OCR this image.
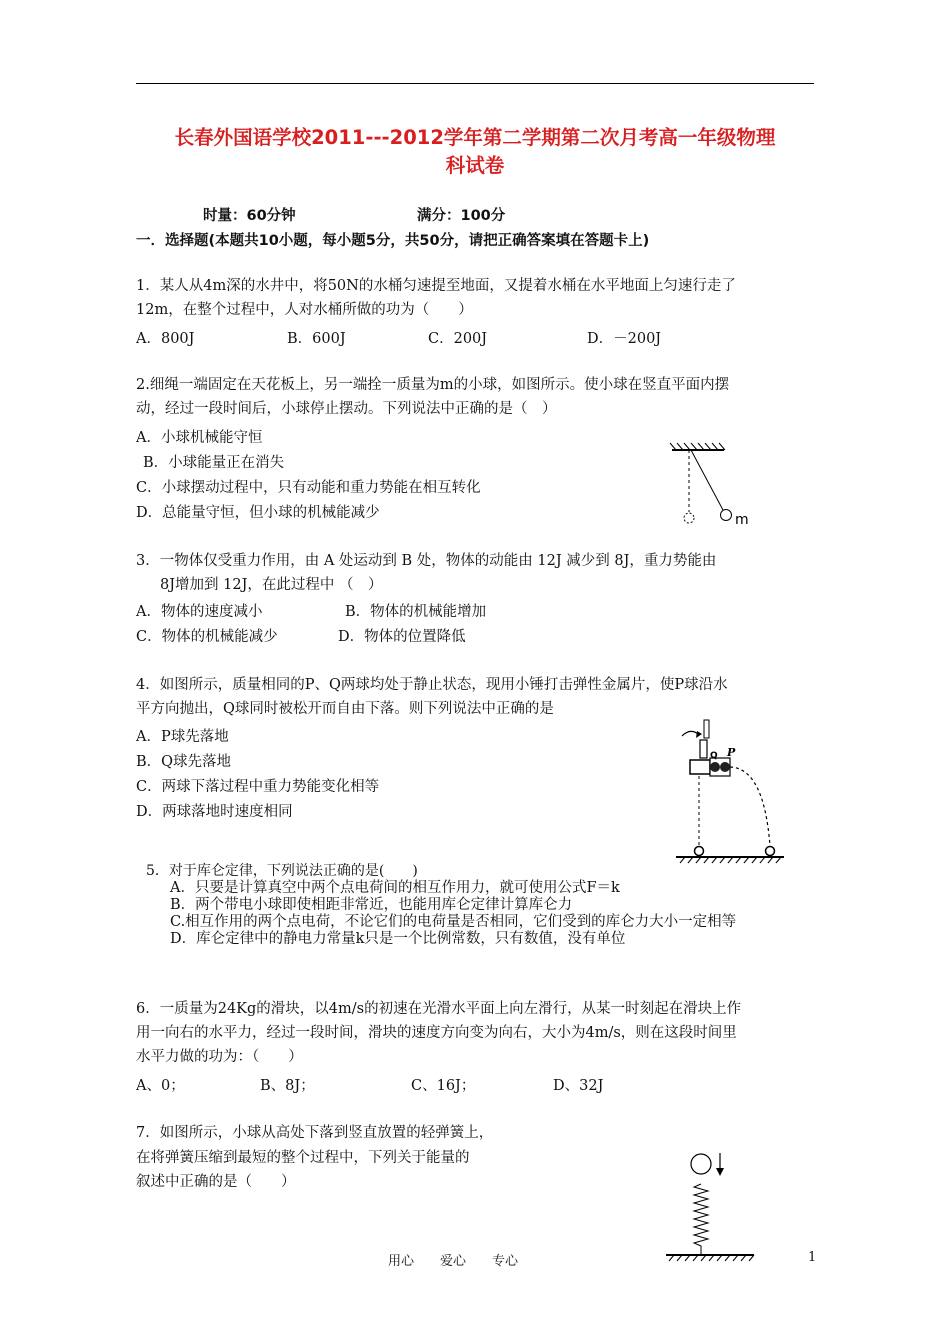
长春外国语学校2011---2012学年第二学期第二次月考高一年级物理
科试卷
时量：60分钟	满分：100分
一．选择题(本题共10小题，每小题5分，共50分，请把正确答案填在答题卡上)
1．某人从4m深的水井中，将50N的水桶匀速提至地面，又提着水桶在水平地面上匀速行走了
12m，在整个过程中，人对水桶所做的功为（　　）
A．800J	B．600J	C．200J	D．－200J
2.细绳一端固定在天花板上，另一端拴一质量为m的小球，如图所示。使小球在竖直平面内摆
动，经过一段时间后，小球停止摆动。下列说法中正确的是（　）
A．小球机械能守恒
B．小球能量正在消失
C．小球摆动过程中，只有动能和重力势能在相互转化
D．总能量守恒，但小球的机械能减少	m
3．一物体仅受重力作用，由 A 处运动到 B 处，物体的动能由 12J 减少到 8J，重力势能由
8J增加到 12J，在此过程中 （　）
A．物体的速度减小	B．物体的机械能增加
C．物体的机械能减少	D．物体的位置降低
4．如图所示，质量相同的P、Q两球均处于静止状态，现用小锤打击弹性金属片，使P球沿水
平方向抛出，Q球同时被松开而自由下落。则下列说法中正确的是
A．P球先落地
B．Q球先落地
C．两球下落过程中重力势能变化相等
D．两球落地时速度相同
Q P
5．对于库仑定律，下列说法正确的是(　　)
A．只要是计算真空中两个点电荷间的相互作用力，就可使用公式F＝k
B．两个带电小球即使相距非常近，也能用库仑定律计算库仑力
C.相互作用的两个点电荷，不论它们的电荷量是否相同，它们受到的库仑力大小一定相等
D．库仑定律中的静电力常量k只是一个比例常数，只有数值，没有单位
6．一质量为24Kg的滑块，以4m/s的初速在光滑水平面上向左滑行，从某一时刻起在滑块上作
用一向右的水平力，经过一段时间，滑块的速度方向变为向右，大小为4m/s，则在这段时间里
水平力做的功为：（　　）
A、0；	B、8J；	C、16J；	D、32J
7．如图所示，小球从高处下落到竖直放置的轻弹簧上，
在将弹簧压缩到最短的整个过程中，下列关于能量的
叙述中正确的是（　　）
用心　　爱心　　专心	1
